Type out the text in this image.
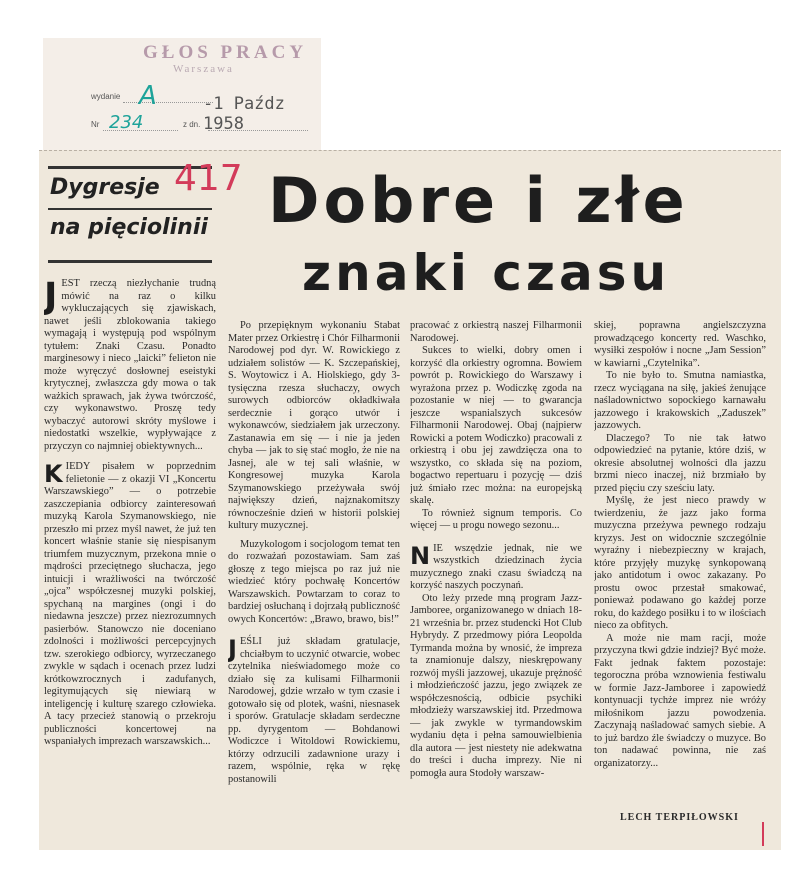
GŁOS PRACY
Warszawa
wydanie
Nr	z dn.
A
234
-1 Paźdz 1958
Dygresje
na pięciolinii
417 Dobre i złe
znaki czasu

JEST rzeczą niezłychanie trudną mówić na raz o kilku wykluczających się zjawiskach, nawet jeśli zblokowania takiego wymagają i występują pod wspólnym tytułem: Znaki Czasu. Ponadto marginesowy i nieco „laicki” felieton nie może wyręczyć dosłownej eseistyki krytycznej, zwłaszcza gdy mowa o tak ważkich sprawach, jak żywa twórczość, czy wykonawstwo. Proszę tedy wybaczyć autorowi skróty myślowe i niedostatki wszelkie, wypływające z przyczyn co najmniej obiektywnych...

KIEDY pisałem w poprzednim felietonie — z okazji VI „Koncertu Warszawskiego” — o potrzebie zaszczepiania odbiorcy zainteresowań muzyką Karola Szymanowskiego, nie przeszło mi przez myśl nawet, że już ten koncert właśnie stanie się niespisanym triumfem muzycznym, przekona mnie o mądrości przeciętnego słuchacza, jego intuicji i wrażliwości na twórczość „ojca” współczesnej muzyki polskiej, spychaną na margines (ongi i do niedawna jeszcze) przez niezrozumnych pasierbów. Stanowczo nie doceniano zdolności i możliwości percepcyjnych tzw. szerokiego odbiorcy, wyrzeczanego zwykle w sądach i ocenach przez ludzi krótkowzrocznych i zadufanych, legitymujących się niewiarą w inteligencję i kulturę szarego człowieka. A tacy przecież stanowią o przekroju publiczności koncertowej na wspaniałych imprezach warszawskich...

Po przepięknym wykonaniu Stabat Mater przez Orkiestrę i Chór Filharmonii Narodowej pod dyr. W. Rowickiego z udziałem solistów — K. Szczepańskiej, S. Woytowicz i A. Hiolskiego, gdy 3-tysięczna rzesza słuchaczy, owych surowych odbiorców okładkiwała serdecznie i gorąco utwór i wykonawców, siedziałem jak urzeczony. Zastanawia em się — i nie ja jeden chyba — jak to się stać mogło, że nie na Jasnej, ale w tej sali właśnie, w Kongresowej muzyka Karola Szymanowskiego przeżywała swój największy dzień, najznakomitszy równocześnie dzień w historii polskiej kultury muzycznej.

Muzykologom i socjologom temat ten do rozważań pozostawiam. Sam zaś głoszę z tego miejsca po raz już nie wiedzieć który pochwałę Koncertów Warszawskich. Powtarzam to coraz to bardziej osłuchaną i dojrzałą publiczność owych Koncertów: „Brawo, brawo, bis!”

JEŚLI już składam gratulacje, chciałbym to uczynić otwarcie, wobec czytelnika nieświadomego może co działo się za kulisami Filharmonii Narodowej, gdzie wrzało w tym czasie i gotowało się od plotek, waśni, niesnasek i sporów. Gratulacje składam serdeczne pp. dyrygentom — Bohdanowi Wodiczce i Witoldowi Rowickiemu, którzy odrzucili zadawnione urazy i razem, wspólnie, ręka w rękę postanowili

pracować z orkiestrą naszej Filharmonii Narodowej.

Sukces to wielki, dobry omen i korzyść dla orkiestry ogromna. Bowiem powrót p. Rowickiego do Warszawy i wyrażona przez p. Wodiczkę zgoda na pozostanie w niej — to gwarancja jeszcze wspanialszych sukcesów Filharmonii Narodowej. Obaj (najpierw Rowicki a potem Wodiczko) pracowali z orkiestrą i obu jej zawdzięcza ona to wszystko, co składa się na poziom, bogactwo repertuaru i pozycję — dziś już śmiało rzec można: na europejską skalę.

To również signum temporis. Co więcej — u progu nowego sezonu...

NIE wszędzie jednak, nie we wszystkich dziedzinach życia muzycznego znaki czasu świadczą na korzyść naszych poczynań.

Oto leży przede mną program Jazz-Jamboree, organizowanego w dniach 18-21 września br. przez studencki Hot Club Hybrydy. Z przedmowy pióra Leopolda Tyrmanda można by wnosić, że impreza ta znamionuje dalszy, nieskrępowany rozwój myśli jazzowej, ukazuje prężność i młodzieńczość jazzu, jego związek ze współczesnością, odbicie psychiki młodzieży warszawskiej itd. Przedmowa — jak zwykle w tyrmandowskim wydaniu dęta i pełna samouwielbienia dla autora — jest niestety nie adekwatna do treści i ducha imprezy. Nie ni pomogła aura Stodoły warszaw-

skiej, poprawna angielszczyzna prowadzącego koncerty red. Waschko, wysiłki zespołów i nocne „Jam Session” w kawiarni „Czytelnika”.

To nie było to. Smutna namiastka, rzecz wyciągana na siłę, jakieś żenujące naśladownictwo sopockiego karnawału jazzowego i krakowskich „Zaduszek” jazzowych.

Dlaczego? To nie tak łatwo odpowiedzieć na pytanie, które dziś, w okresie absolutnej wolności dla jazzu brzmi nieco inaczej, niż brzmiało by przed pięciu czy sześciu laty.

Myślę, że jest nieco prawdy w twierdzeniu, że jazz jako forma muzyczna przeżywa pewnego rodzaju kryzys. Jest on widocznie szczególnie wyraźny i niebezpieczny w krajach, które przyjęły muzykę synkopowaną jako antidotum i owoc zakazany. Po prostu owoc przestał smakować, ponieważ podawano go każdej porze roku, do każdego posiłku i to w ilościach nieco za obfitych.

A może nie mam racji, może przyczyna tkwi gdzie indziej? Być może. Fakt jednak faktem pozostaje: tegoroczna próba wznowienia festiwalu w formie Jazz-Jamboree i zapowiedź kontynuacji tychże imprez nie wróży miłośnikom jazzu powodzenia. Zaczynają naśladować samych siebie. A to już bardzo źle świadczy o muzyce. Bo ton nadawać powinna, nie zaś organizatorzy...

LECH TERPIŁOWSKI
